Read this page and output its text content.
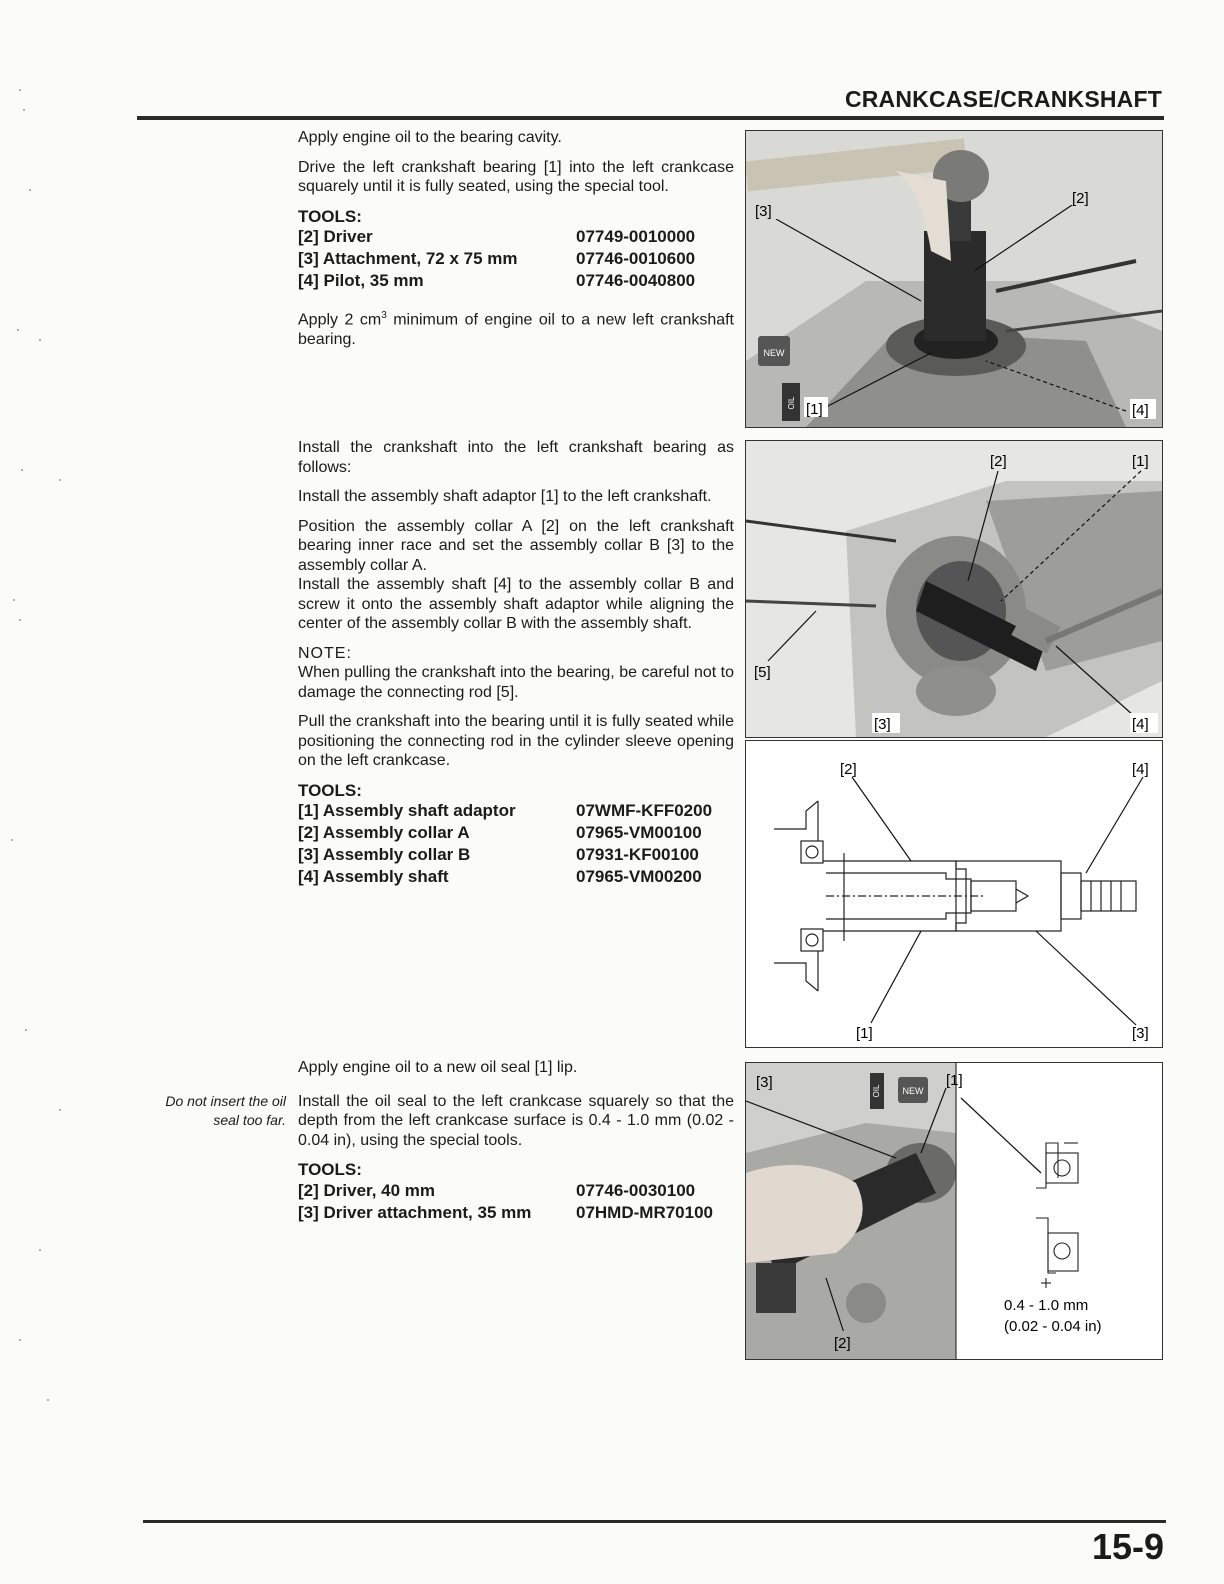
CRANKCASE/CRANKSHAFT

Apply engine oil to the bearing cavity.

Drive the left crankshaft bearing [1] into the left crankcase squarely until it is fully seated, using the special tool.

TOOLS:
[2] Driver	07749-0010000
[3] Attachment, 72 x 75 mm	07746-0010600
[4] Pilot, 35 mm	07746-0040800

Apply 2 $cm^3$ minimum of engine oil to a new left crankshaft bearing.

Install the crankshaft into the left crankshaft bearing as follows:

Install the assembly shaft adaptor [1] to the left crankshaft.

Position the assembly collar A [2] on the left crankshaft bearing inner race and set the assembly collar B [3] to the assembly collar A.

Install the assembly shaft [4] to the assembly collar B and screw it onto the assembly shaft adaptor while aligning the center of the assembly collar B with the assembly shaft.

NOTE:

When pulling the crankshaft into the bearing, be careful not to damage the connecting rod [5].

Pull the crankshaft into the bearing until it is fully seated while positioning the connecting rod in the cylinder sleeve opening on the left crankcase.

TOOLS:
[1] Assembly shaft adaptor	07WMF-KFF0200
[2] Assembly collar A	07965-VM00100
[3] Assembly collar B	07931-KF00100
[4] Assembly shaft	07965-VM00200
Do not insert the oil seal too far.

Apply engine oil to a new oil seal [1] lip.

Install the oil seal to the left crankcase squarely so that the depth from the left crankcase surface is 0.4 - 1.0 mm (0.02 - 0.04 in), using the special tools.

TOOLS:
[2] Driver, 40 mm	07746-0030100
[3] Driver attachment, 35 mm	07HMD-MR70100
NEW
OIL [1]
[2]
[3]
[4]
[2]	[1]
[5]
[3]	[4]
[2]	[4]
[1]	[3]
[3]	OIL NEW
[1]
[2]
0.4 - 1.0 mm
(0.02 - 0.04 in)
15-9
